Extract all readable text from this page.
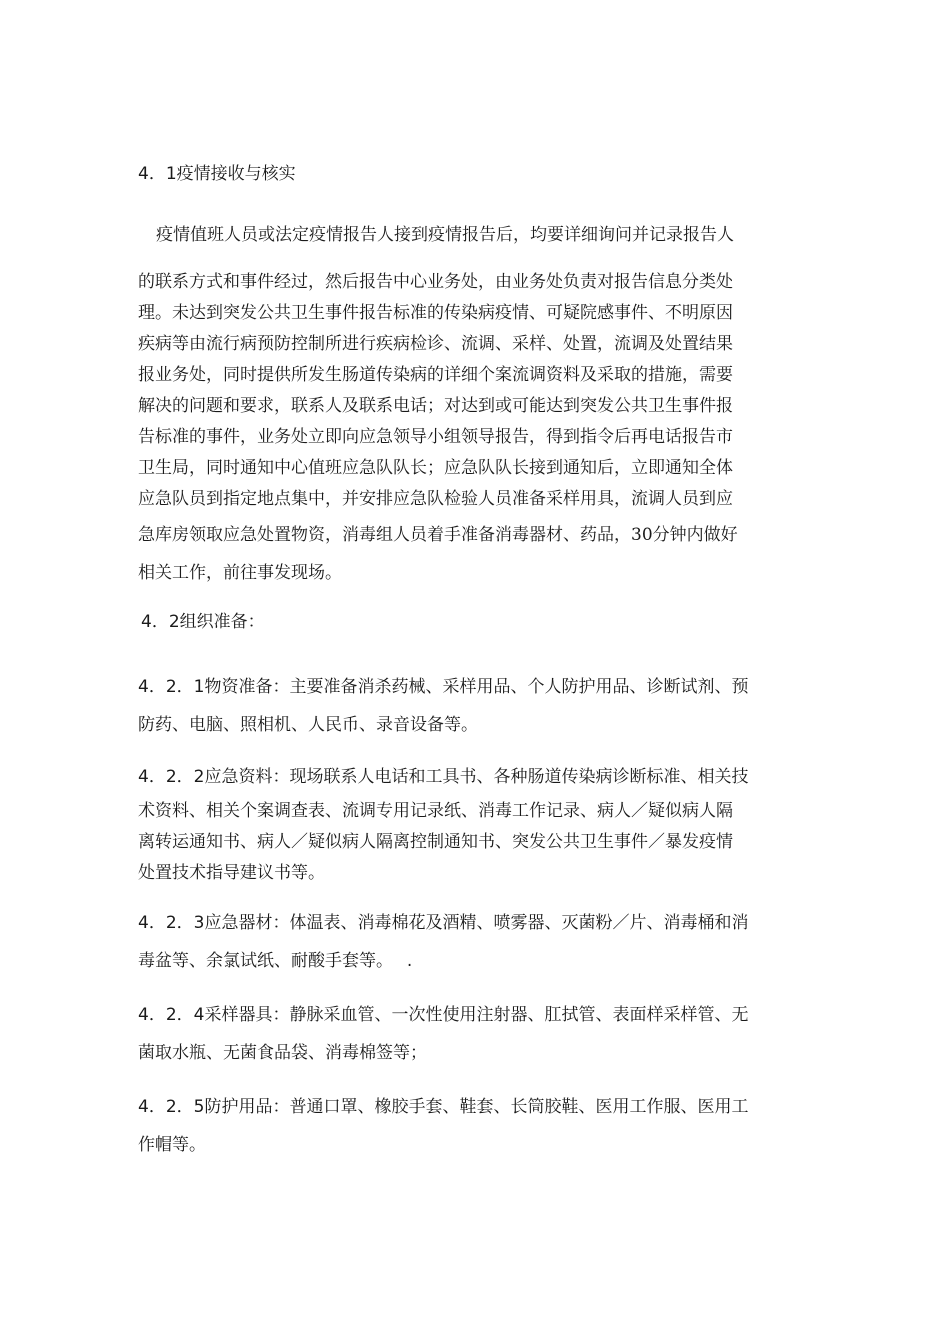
4．1疫情接收与核实

疫情值班人员或法定疫情报告人接到疫情报告后，均要详细询问并记录报告人
的联系方式和事件经过，然后报告中心业务处，由业务处负责对报告信息分类处
理。未达到突发公共卫生事件报告标准的传染病疫情、可疑院感事件、不明原因
疾病等由流行病预防控制所进行疾病检诊、流调、采样、处置，流调及处置结果
报业务处，同时提供所发生肠道传染病的详细个案流调资料及采取的措施，需要
解决的问题和要求，联系人及联系电话；对达到或可能达到突发公共卫生事件报
告标准的事件，业务处立即向应急领导小组领导报告，得到指令后再电话报告市
卫生局，同时通知中心值班应急队队长；应急队队长接到通知后，立即通知全体
应急队员到指定地点集中，并安排应急队检验人员准备采样用具，流调人员到应
急库房领取应急处置物资，消毒组人员着手准备消毒器材、药品，30分钟内做好
相关工作，前往事发现场。

4．2组织准备：

4．2．1物资准备：主要准备消杀药械、采样用品、个人防护用品、诊断试剂、预
防药、电脑、照相机、人民币、录音设备等。
4．2．2应急资料：现场联系人电话和工具书、各种肠道传染病诊断标准、相关技
术资料、相关个案调查表、流调专用记录纸、消毒工作记录、病人／疑似病人隔
离转运通知书、病人／疑似病人隔离控制通知书、突发公共卫生事件／暴发疫情
处置技术指导建议书等。
4．2．3应急器材：体温表、消毒棉花及酒精、喷雾器、灭菌粉／片、消毒桶和消
毒盆等、余氯试纸、耐酸手套等。　 .
4．2．4采样器具：静脉采血管、一次性使用注射器、肛拭管、表面样采样管、无
菌取水瓶、无菌食品袋、消毒棉签等；
4．2．5防护用品：普通口罩、橡胶手套、鞋套、长筒胶鞋、医用工作服、医用工
作帽等。
